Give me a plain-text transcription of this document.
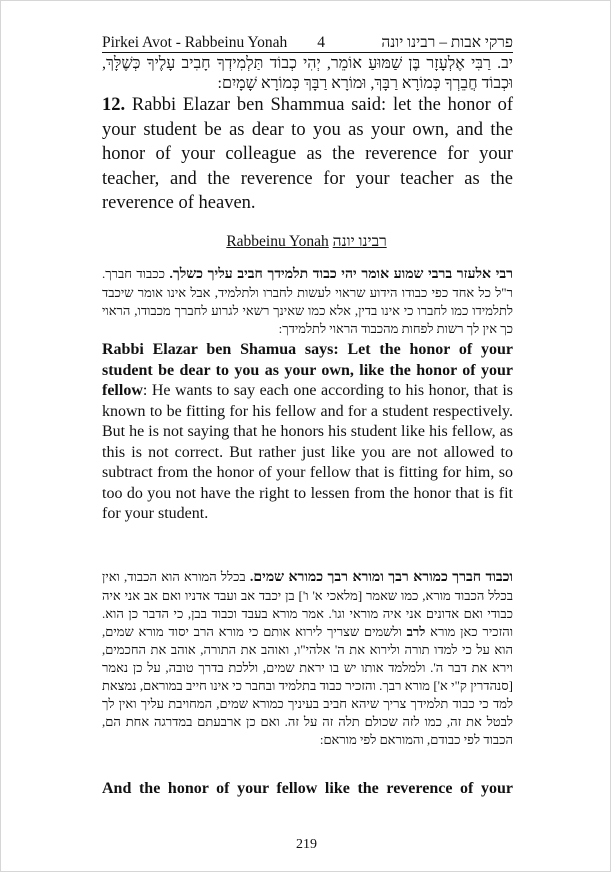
Pirkei Avot - Rabbeinu Yonah 4	פרקי אבות – רבינו יונה
יב. רַבִּי אֶלְעָזָר בֶּן שַׁמּוּעַ אוֹמֵר, יְהִי כְבוֹד תַּלְמִידְךָ חָבִיב עָלֶיךָ כְּשֶׁלָּךְ, וּכְבוֹד חֲבֵרְךָ כְּמוֹרָא רַבָּךְ, וּמוֹרָא רַבָּךְ כְּמוֹרָא שָׁמָיִם:
12. Rabbi Elazar ben Shammua said: let the honor of your student be as dear to you as your own, and the honor of your colleague as the reverence for your teacher, and the reverence for your teacher as the reverence of heaven.
Rabbeinu Yonah רבינו יונה
רבי אלעזר ברבי שמוע אומר יהי כבוד תלמידך חביב עליך כשלך. ככבוד חברך. ר"ל כל אחד כפי כבודו הידוע שראוי לעשות לחברו ולתלמיד, אבל אינו אומר שיכבד לתלמידו כמו לחברו כי אינו בדין, אלא כמו שאינך רשאי לגרוע לחברך מכבודו, הראוי כך אין לך רשות לפחות מהכבוד הראוי לתלמידך:
Rabbi Elazar ben Shamua says: Let the honor of your student be dear to you as your own, like the honor of your fellow: He wants to say each one according to his honor, that is known to be fitting for his fellow and for a student respectively. But he is not saying that he honors his student like his fellow, as this is not correct. But rather just like you are not allowed to subtract from the honor of your fellow that is fitting for him, so too do you not have the right to lessen from the honor that is fit for your student.
וכבוד חברך כמורא רבך ומורא רבך כמורא שמים. בכלל המורא הוא הכבוד, ואין בכלל הכבוד מורא, כמו שאמר [מלאכי א' ו'] בן יכבד אב ועבד אדניו ואם אב אני איה כבודי ואם אדונים אני איה מוראי וגו'. אמר מורא בעבד וכבוד בבן, כי הדבר כן הוא. והזכיר כאן מורא לרב ולשמים שצריך לירוא אותם כי מורא הרב יסוד מורא שמים, הוא על כי למדו תורה ולירוא את ה' אלהי"ו, ואוהב את התורה, אוהב את החכמים, וירא את דבר ה'. ולמלמד אותו יש בו יראת שמים, וללכת בדרך טובה, על כן נאמר [סנהדרין ק"י א'] מורא רבך. והזכיר כבוד בתלמיד ובחבר כי אינו חייב במוראם, נמצאת למד כי כבוד תלמידך צריך שיהא חביב בעיניך כמורא שמים, המחויבת עליך ואין לך לבטל את זה, כמו לזה שכולם תלה זה על זה. ואם כן ארבעתם במדרגה אחת הם, הכבוד לפי כבודם, והמוראם לפי מוראם:
And the honor of your fellow like the reverence of your
219
